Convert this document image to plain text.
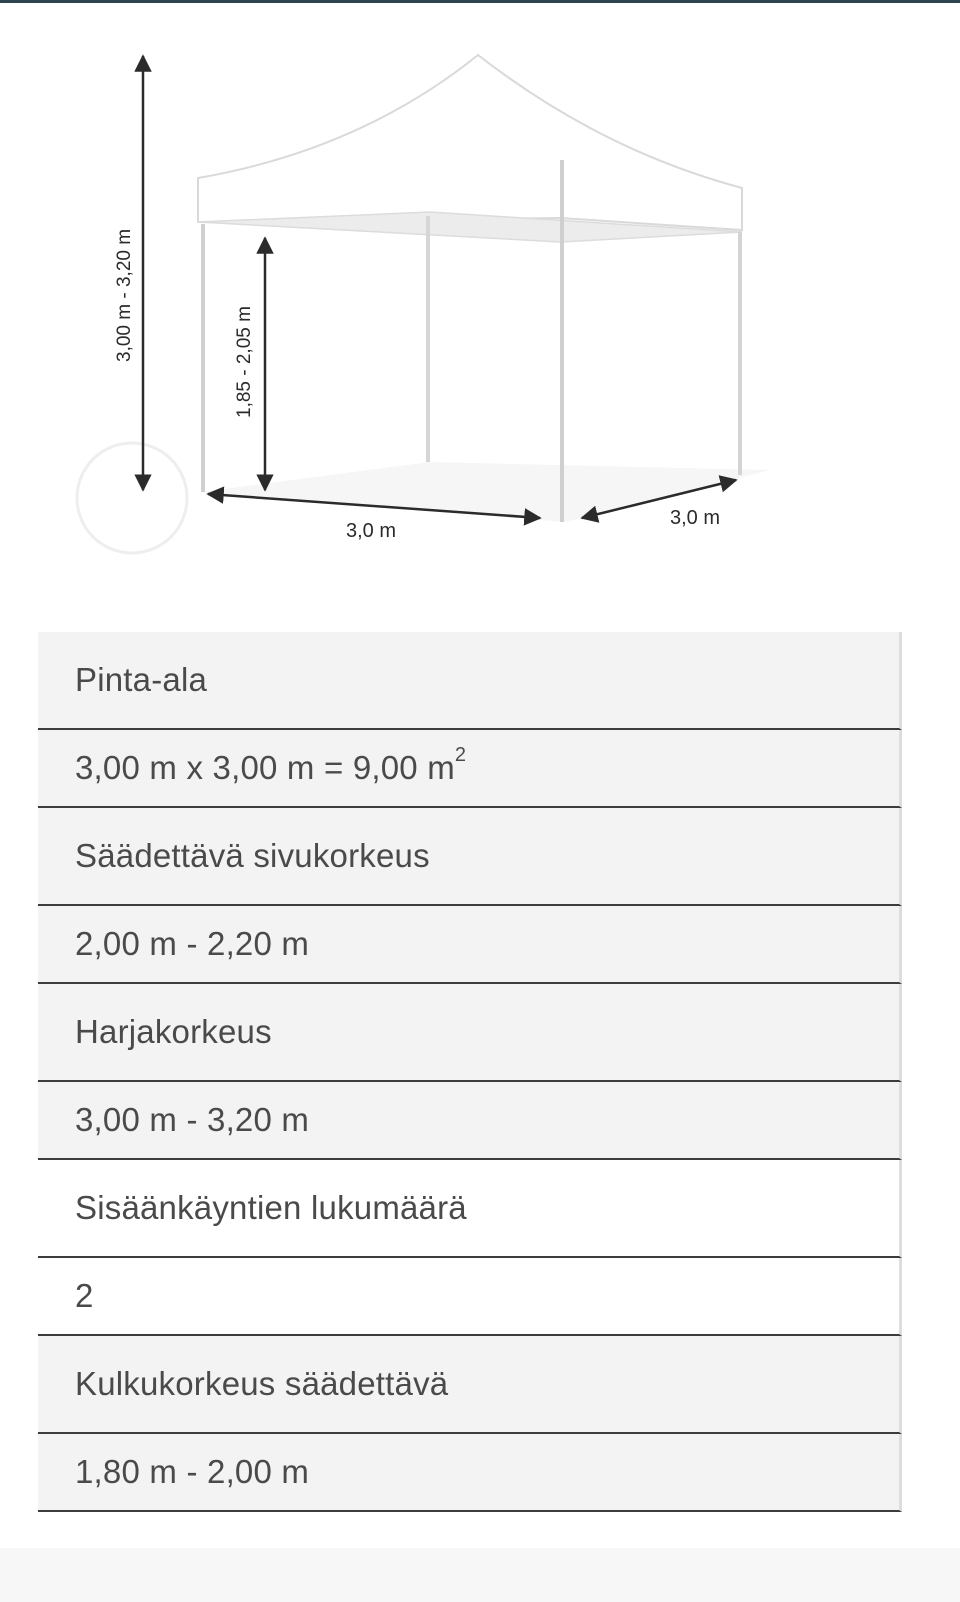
3,00 m - 3,20 m
1,85 - 2,05 m
3,0 m
3,0 m
Pinta-ala
3,00 m x 3,00 m = 9,00 $m^2$
Säädettävä sivukorkeus
2,00 m - 2,20 m
Harjakorkeus
3,00 m - 3,20 m
Sisäänkäyntien lukumäärä
2
Kulkukorkeus säädettävä
1,80 m - 2,00 m
